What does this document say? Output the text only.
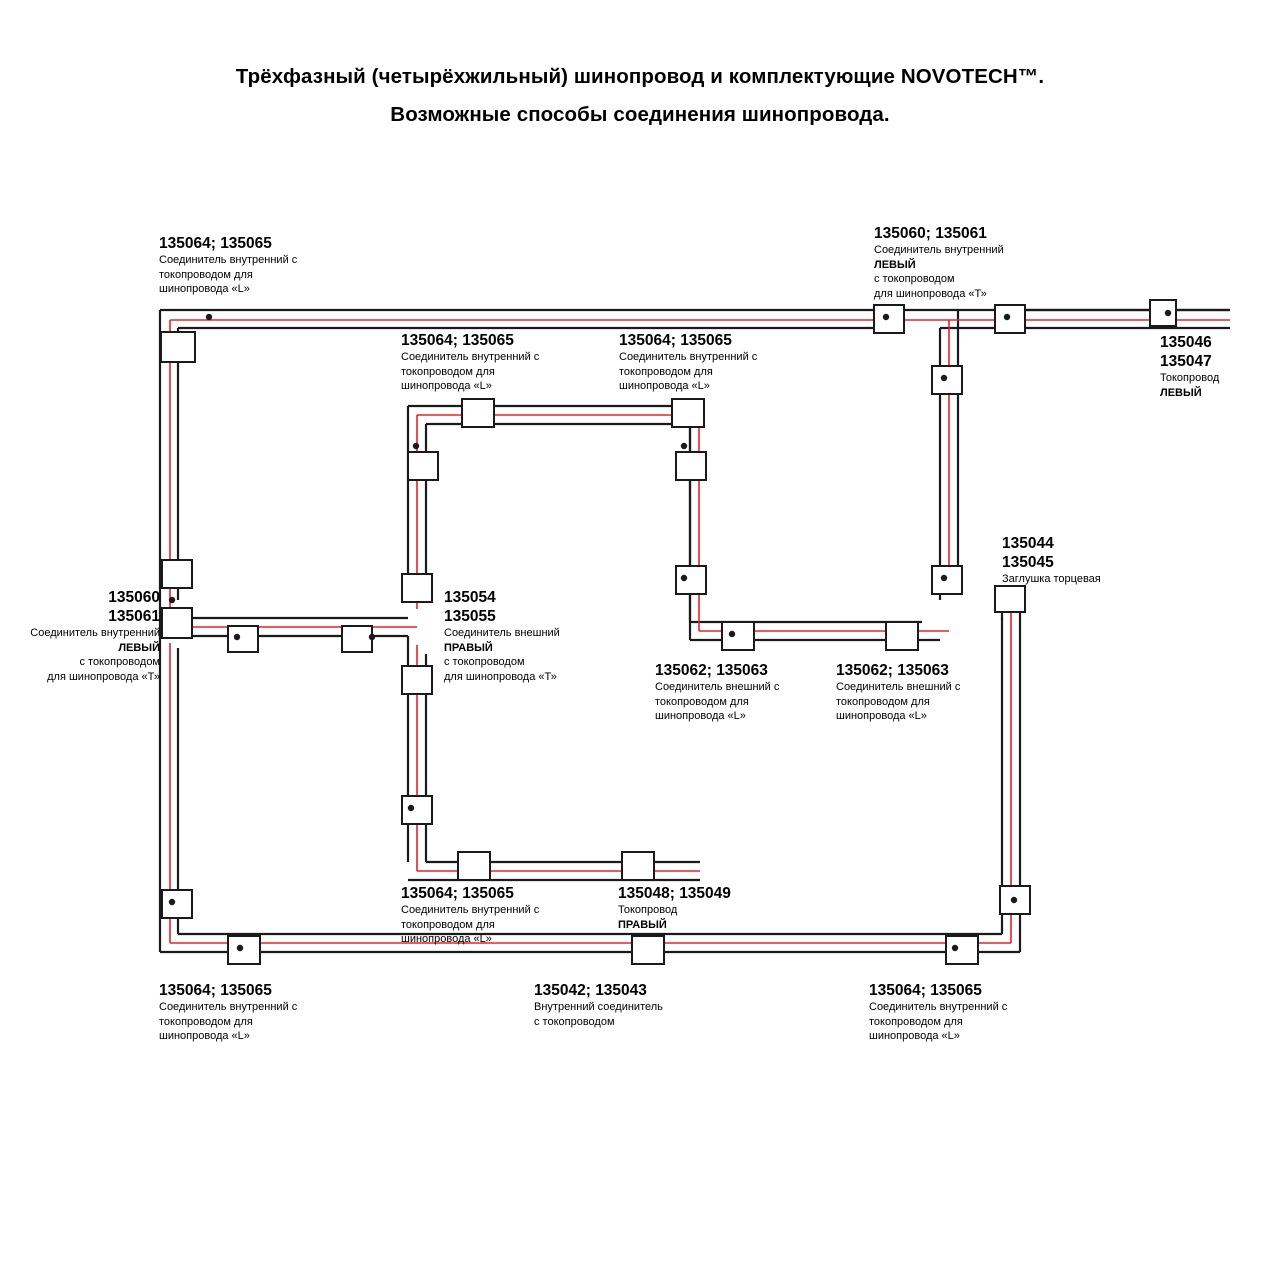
Трёхфазный (четырёхжильный) шинопровод и комплектующие NOVOTECH™.
Возможные способы соединения шинопровода.
135064; 135065
Соединитель внутренний с
токопроводом для
шинопровода «L»
135060; 135061
Соединитель внутренний
ЛЕВЫЙ
с токопроводом
для шинопровода «Т»
135064; 135065
Соединитель внутренний с
токопроводом для
шинопровода «L»
135064; 135065
Соединитель внутренний с
токопроводом для
шинопровода «L»
135046
135047
Токопровод
ЛЕВЫЙ
135044
135045
Заглушка торцевая
135060
135061
Соединитель внутренний
ЛЕВЫЙ
с токопроводом
для шинопровода «Т»
135054
135055
Соединитель внешний
ПРАВЫЙ
с токопроводом
для шинопровода «Т»	135062; 135063
Соединитель внешний с
токопроводом для
шинопровода «L»
135062; 135063
Соединитель внешний с
токопроводом для
шинопровода «L»
135064; 135065
Соединитель внутренний с
токопроводом для
шинопровода «L»
135048; 135049
Токопровод
ПРАВЫЙ
135064; 135065
Соединитель внутренний с
токопроводом для
шинопровода «L»
135042; 135043
Внутренний соединитель
с токопроводом
135064; 135065
Соединитель внутренний с
токопроводом для
шинопровода «L»
